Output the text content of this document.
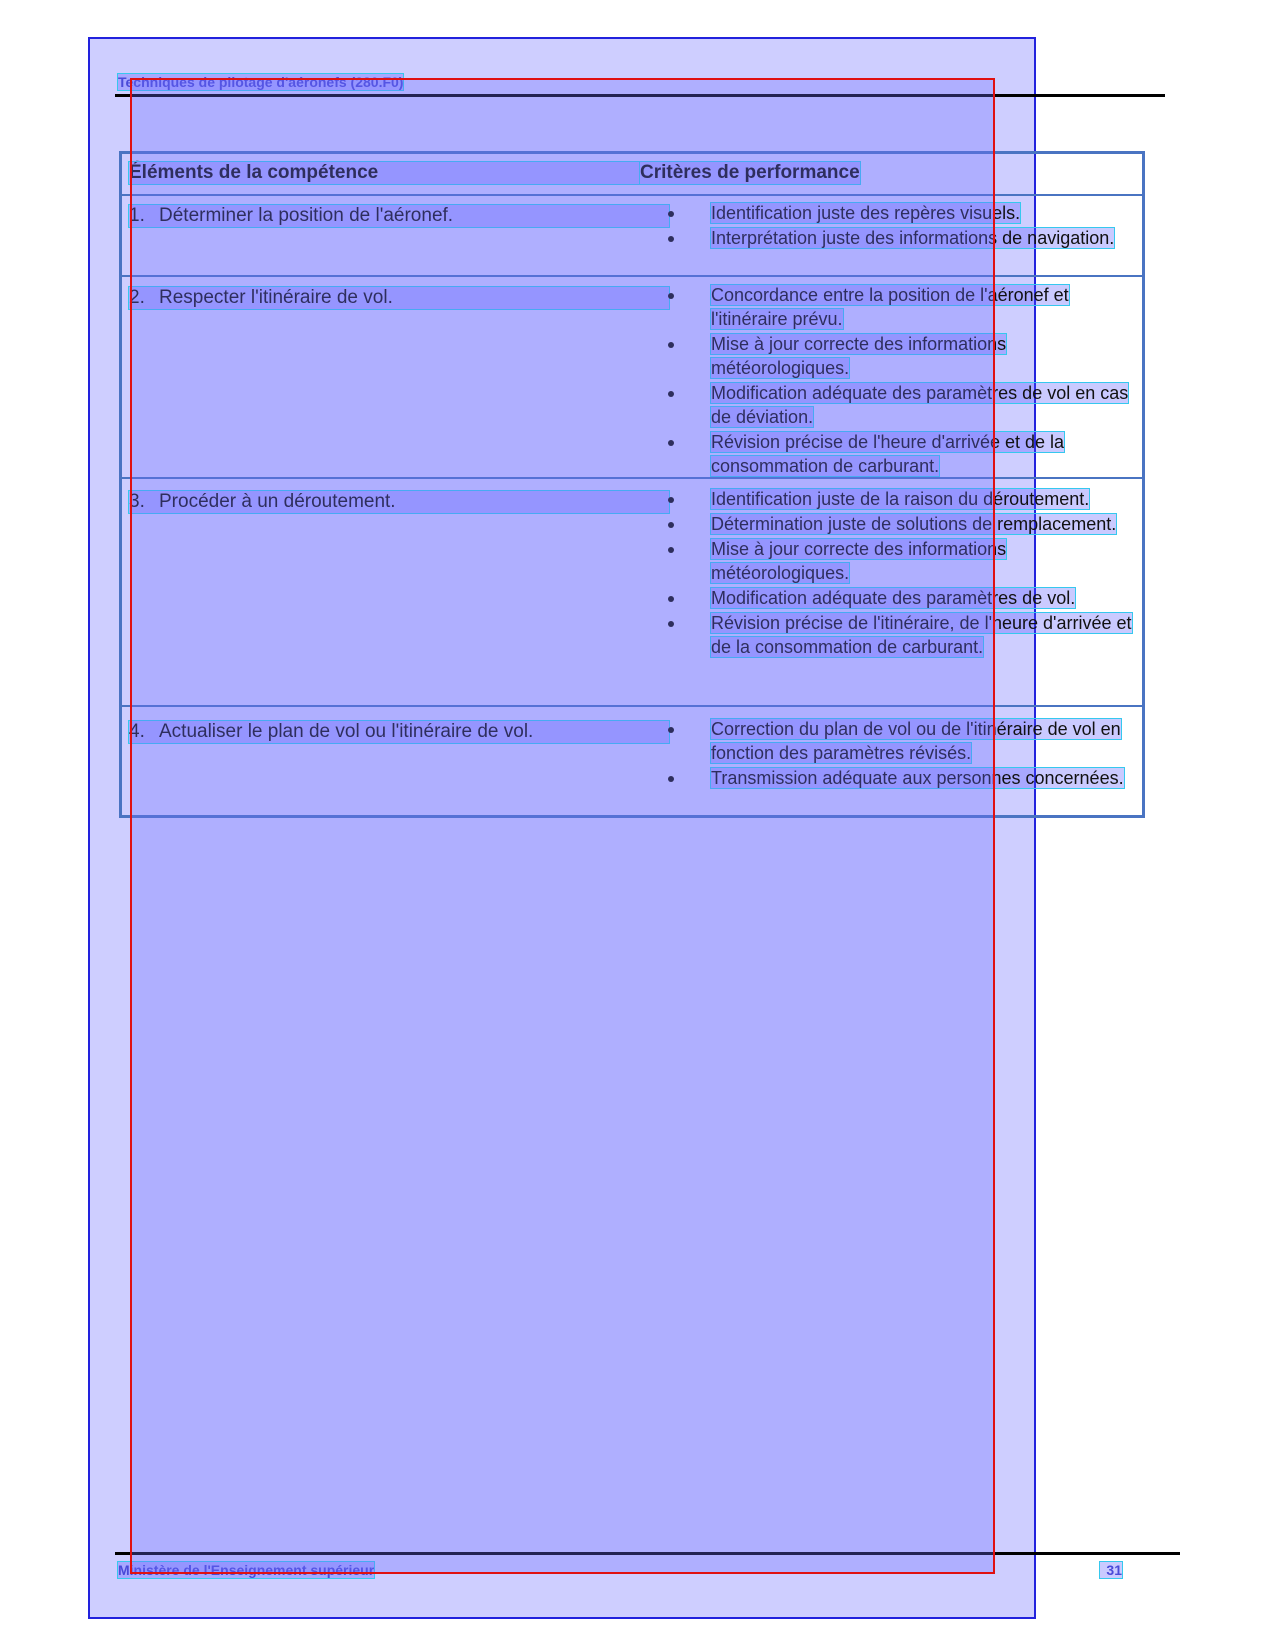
Techniques de pilotage d'aéronefs (280.F0)
Éléments de la compétence	Critères de performance
1. Déterminer la position de l'aéronef.	Identification juste des repères visuels.
Interprétation juste des informations de navigation.
2. Respecter l'itinéraire de vol.	Concordance entre la position de l'aéronef et l'itinéraire prévu.
Mise à jour correcte des informations météorologiques.
Modification adéquate des paramètres de vol en cas de déviation.
Révision précise de l'heure d'arrivée et de la consommation de carburant.
3. Procéder à un déroutement.	Identification juste de la raison du déroutement.
Détermination juste de solutions de remplacement.
Mise à jour correcte des informations météorologiques.
Modification adéquate des paramètres de vol.
Révision précise de l'itinéraire, de l'heure d'arrivée et de la consommation de carburant.
4. Actualiser le plan de vol ou l'itinéraire de vol.	Correction du plan de vol ou de l'itinéraire de vol en fonction des paramètres révisés.
Transmission adéquate aux personnes concernées.
Ministère de l'Enseignement supérieur	31
